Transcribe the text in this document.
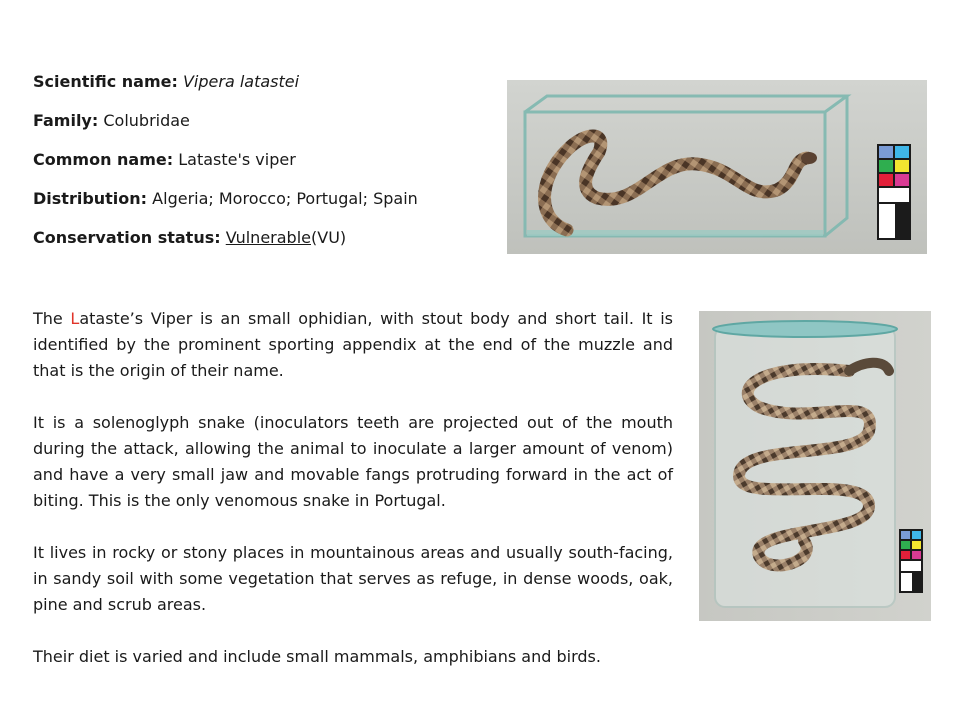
Scientific name: Vipera latastei
Family: Colubridae
Common name: Lataste's viper
Distribution: Algeria; Morocco; Portugal; Spain
Conservation status: Vulnerable(VU)

The Lataste’s Viper is an small ophidian, with stout body and short tail. It is identified by the prominent sporting appendix at the end of the muzzle and that is the origin of their name.

It is a solenoglyph snake (inoculators teeth are projected out of the mouth during the attack, allowing the animal to inoculate a larger amount of venom) and have a very small jaw and movable fangs protruding forward in the act of biting. This is the only venomous snake in Portugal.

It lives in rocky or stony places in mountainous areas and usually south-facing, in sandy soil with some vegetation that serves as refuge, in dense woods, oak, pine and scrub areas.

Their diet is varied and include small mammals, amphibians and birds.
